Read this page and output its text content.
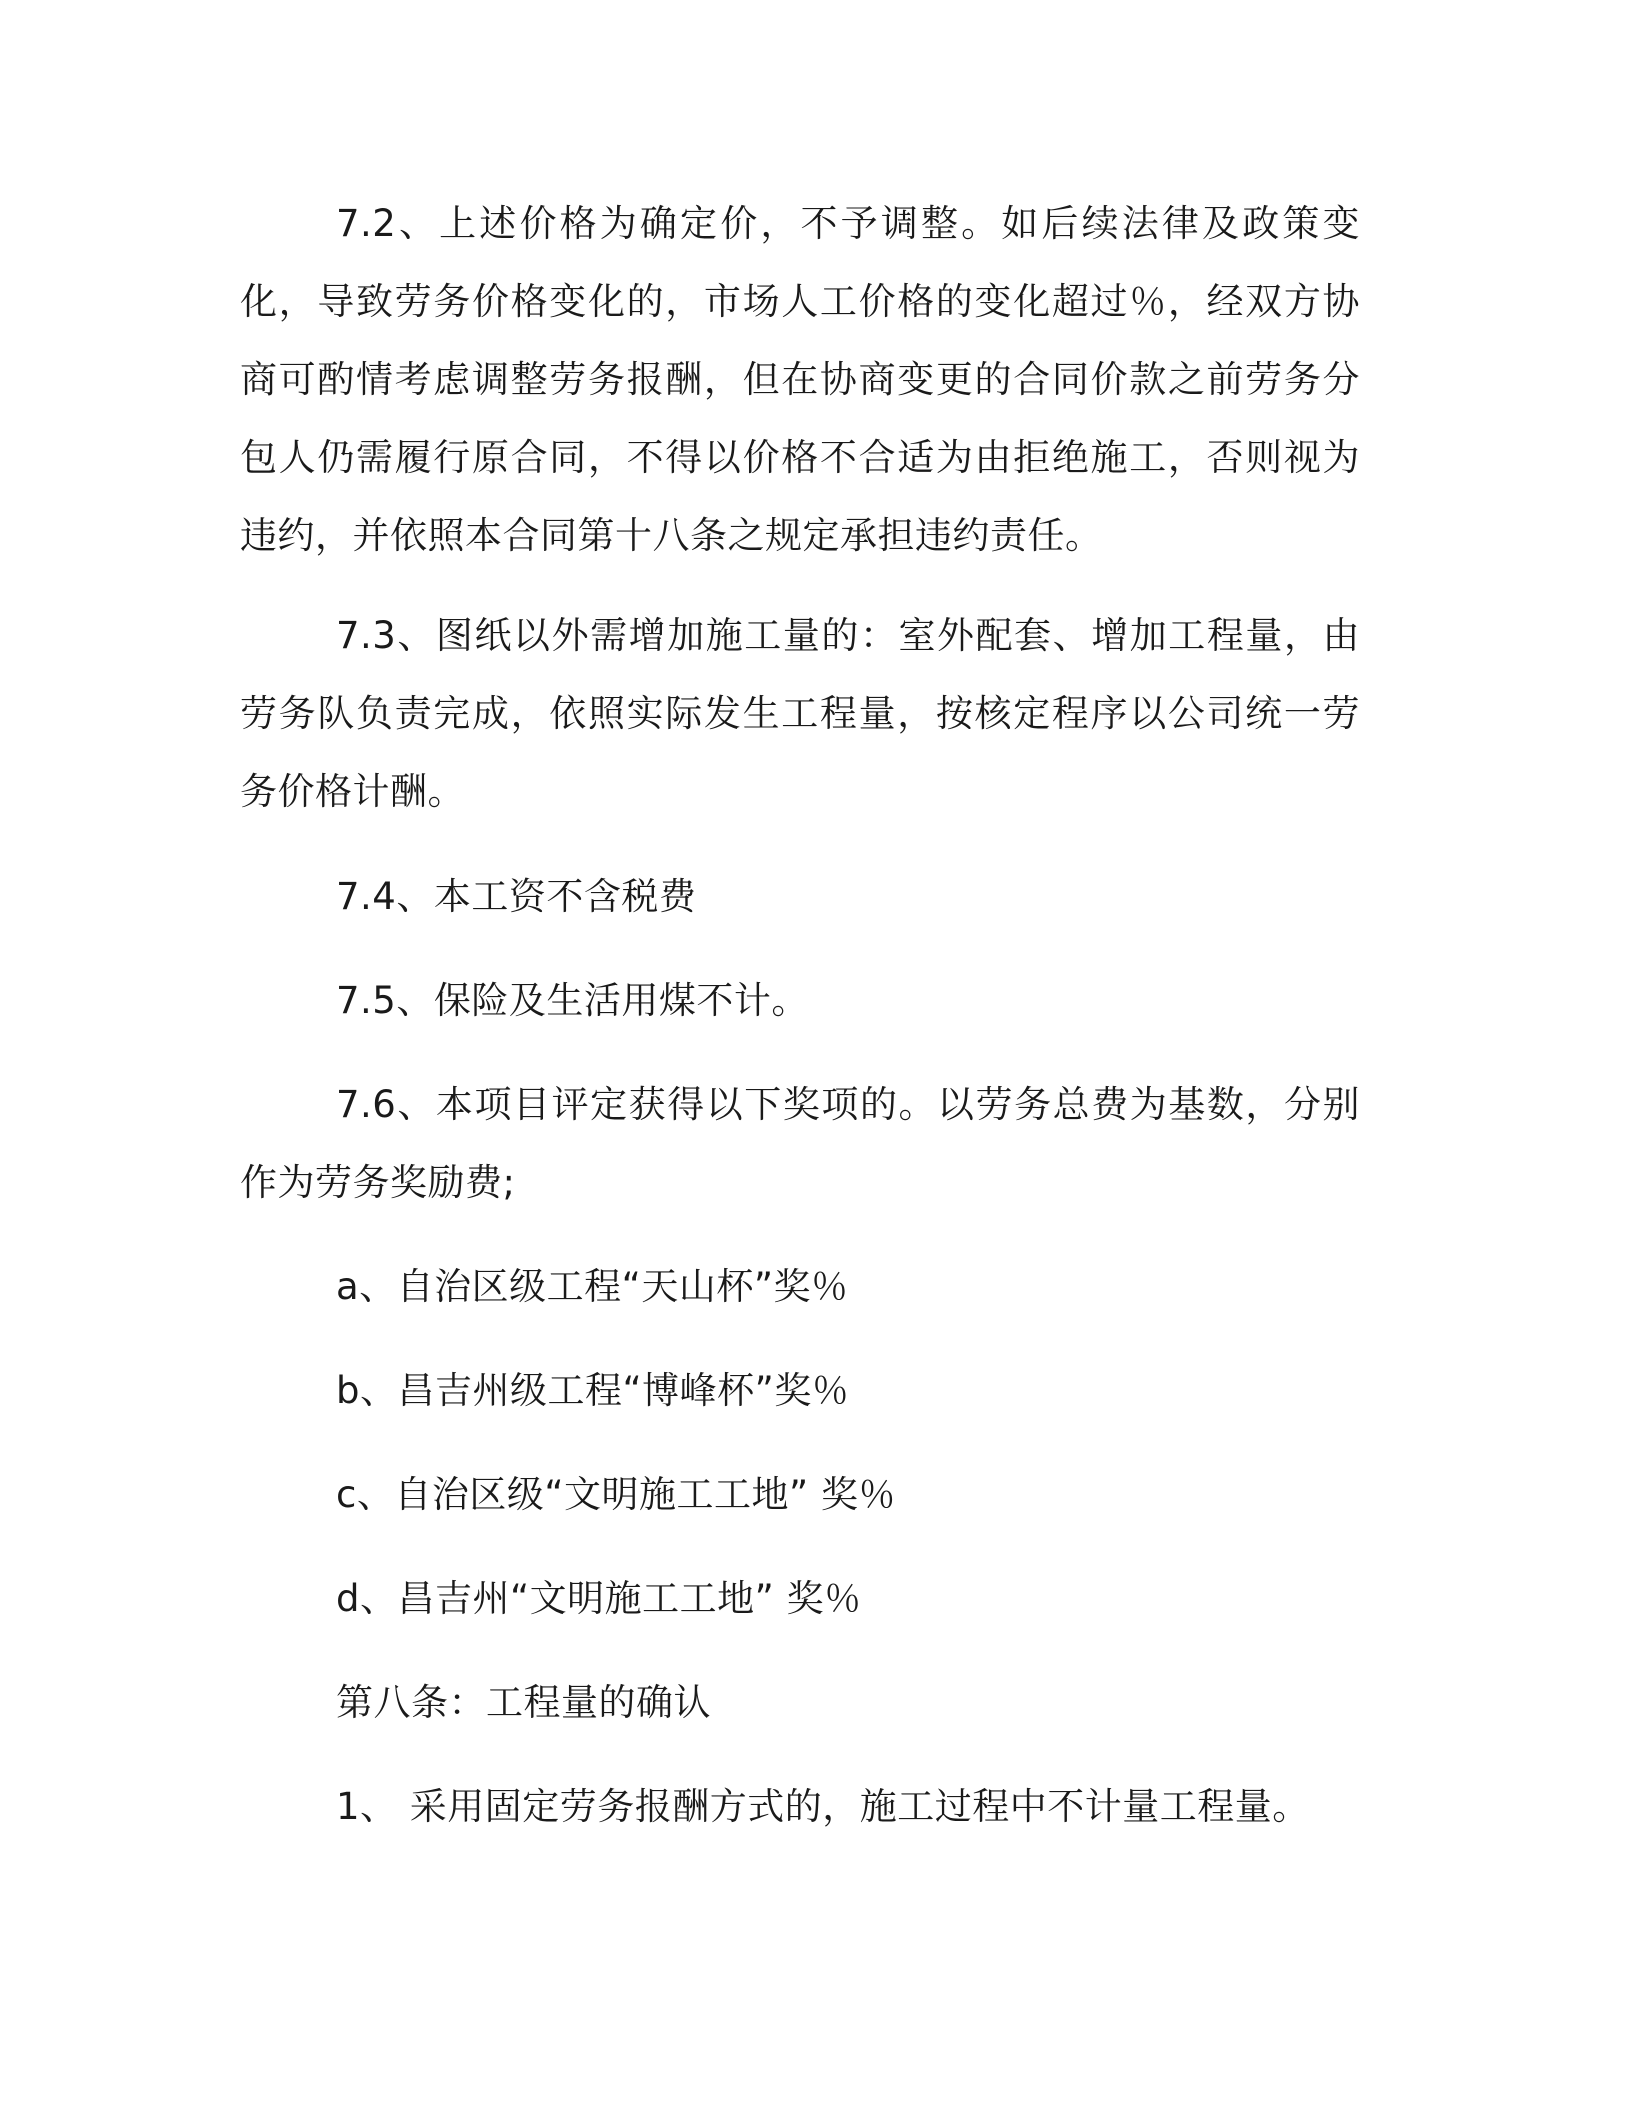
7.2、上述价格为确定价，不予调整。如后续法律及政策变化，导致劳务价格变化的，市场人工价格的变化超过％，经双方协商可酌情考虑调整劳务报酬，但在协商变更的合同价款之前劳务分包人仍需履行原合同，不得以价格不合适为由拒绝施工，否则视为违约，并依照本合同第十八条之规定承担违约责任。

7.3、图纸以外需增加施工量的：室外配套、增加工程量，由劳务队负责完成，依照实际发生工程量，按核定程序以公司统一劳务价格计酬。

7.4、本工资不含税费

7.5、保险及生活用煤不计。

7.6、本项目评定获得以下奖项的。以劳务总费为基数，分别作为劳务奖励费;

a、自治区级工程“天山杯”奖％

b、昌吉州级工程“博峰杯”奖％

c、自治区级“文明施工工地” 奖％

d、昌吉州“文明施工工地” 奖％

第八条：工程量的确认

1、 采用固定劳务报酬方式的，施工过程中不计量工程量。
